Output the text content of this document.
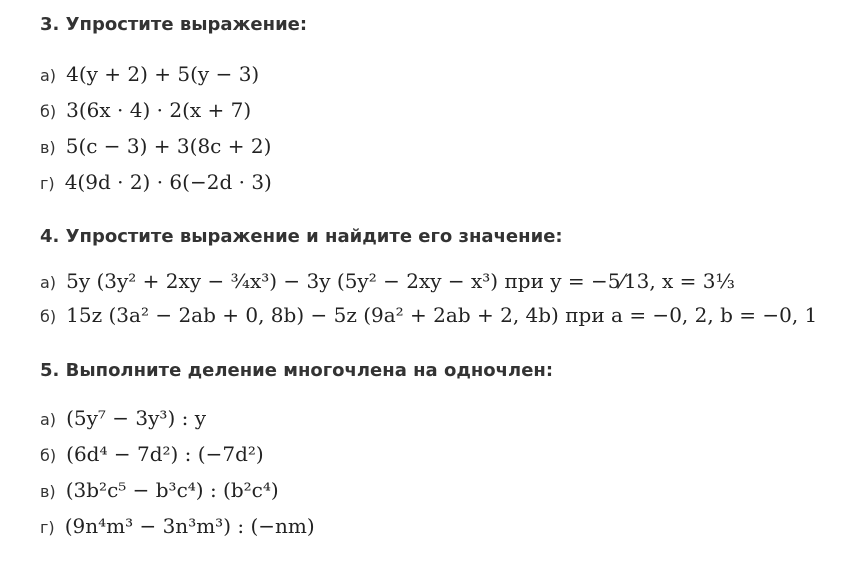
3. Упростите выражение:
а) 4(y + 2) + 5(y − 3)
б) 3(6x · 4) · 2(x + 7)
в) 5(c − 3) + 3(8c + 2)
г) 4(9d · 2) · 6(−2d · 3)
4. Упростите выражение и найдите его значение:
а) 5y (3y² + 2xy − ¾x³) − 3y (5y² − 2xy − x³) при y = −5⁄13, x = 3⅓
б) 15z (3a² − 2ab + 0, 8b) − 5z (9a² + 2ab + 2, 4b) при a = −0, 2, b = −0, 1
5. Выполните деление многочлена на одночлен:
а) (5y⁷ − 3y³) : y
б) (6d⁴ − 7d²) : (−7d²)
в) (3b²c⁵ − b³c⁴) : (b²c⁴)
г) (9n⁴m³ − 3n³m³) : (−nm)
